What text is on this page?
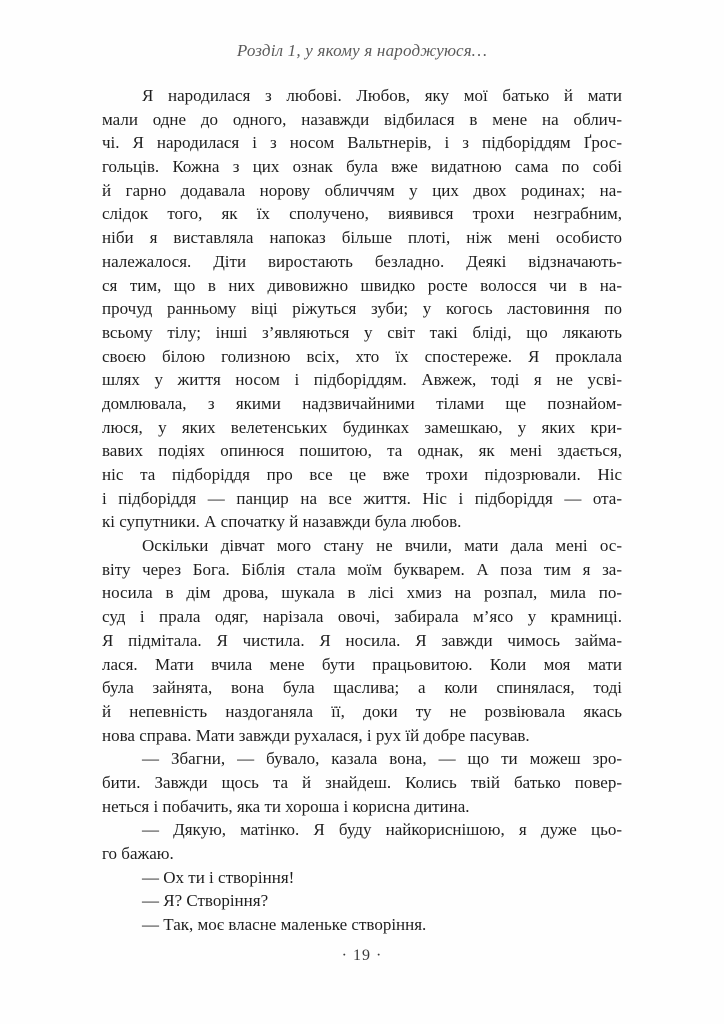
Розділ 1, у якому я народжуюся…
Я народилася з любові. Любов, яку мої батько й мати
мали одне до одного, назавжди відбилася в мене на облич-
чі. Я народилася і з носом Вальтнерів, і з підборіддям Ґрос-
гольців. Кожна з цих ознак була вже видатною сама по собі
й гарно додавала норову обличчям у цих двох родинах; на-
слідок того, як їх сполучено, виявився трохи незграбним,
ніби я виставляла напоказ більше плоті, ніж мені особисто
належалося. Діти виростають безладно. Деякі відзначають-
ся тим, що в них дивовижно швидко росте волосся чи в на-
прочуд ранньому віці ріжуться зуби; у когось ластовиння по
всьому тілу; інші з’являються у світ такі бліді, що лякають
своєю білою голизною всіх, хто їх спостереже. Я проклала
шлях у життя носом і підборіддям. Авжеж, тоді я не усві-
домлювала, з якими надзвичайними тілами ще познайом-
люся, у яких велетенських будинках замешкаю, у яких кри-
вавих подіях опинюся пошитою, та однак, як мені здається,
ніс та підборіддя про все це вже трохи підозрювали. Ніс
і підборіддя — панцир на все життя. Ніс і підборіддя — ота-
кі супутники. А спочатку й назавжди була любов.
Оскільки дівчат мого стану не вчили, мати дала мені ос-
віту через Бога. Біблія стала моїм букварем. А поза тим я за-
носила в дім дрова, шукала в лісі хмиз на розпал, мила по-
суд і прала одяг, нарізала овочі, забирала м’ясо у крамниці.
Я підмітала. Я чистила. Я носила. Я завжди чимось займа-
лася. Мати вчила мене бути працьовитою. Коли моя мати
була зайнята, вона була щаслива; а коли спинялася, тоді
й непевність наздоганяла її, доки ту не розвіювала якась
нова справа. Мати завжди рухалася, і рух їй добре пасував.
— Збагни, — бувало, казала вона, — що ти можеш зро-
бити. Завжди щось та й знайдеш. Колись твій батько повер-
неться і побачить, яка ти хороша і корисна дитина.
— Дякую, матінко. Я буду найкориснішою, я дуже цьо-
го бажаю.
— Ох ти і створіння!
— Я? Створіння?
— Так, моє власне маленьке створіння.
· 19 ·
